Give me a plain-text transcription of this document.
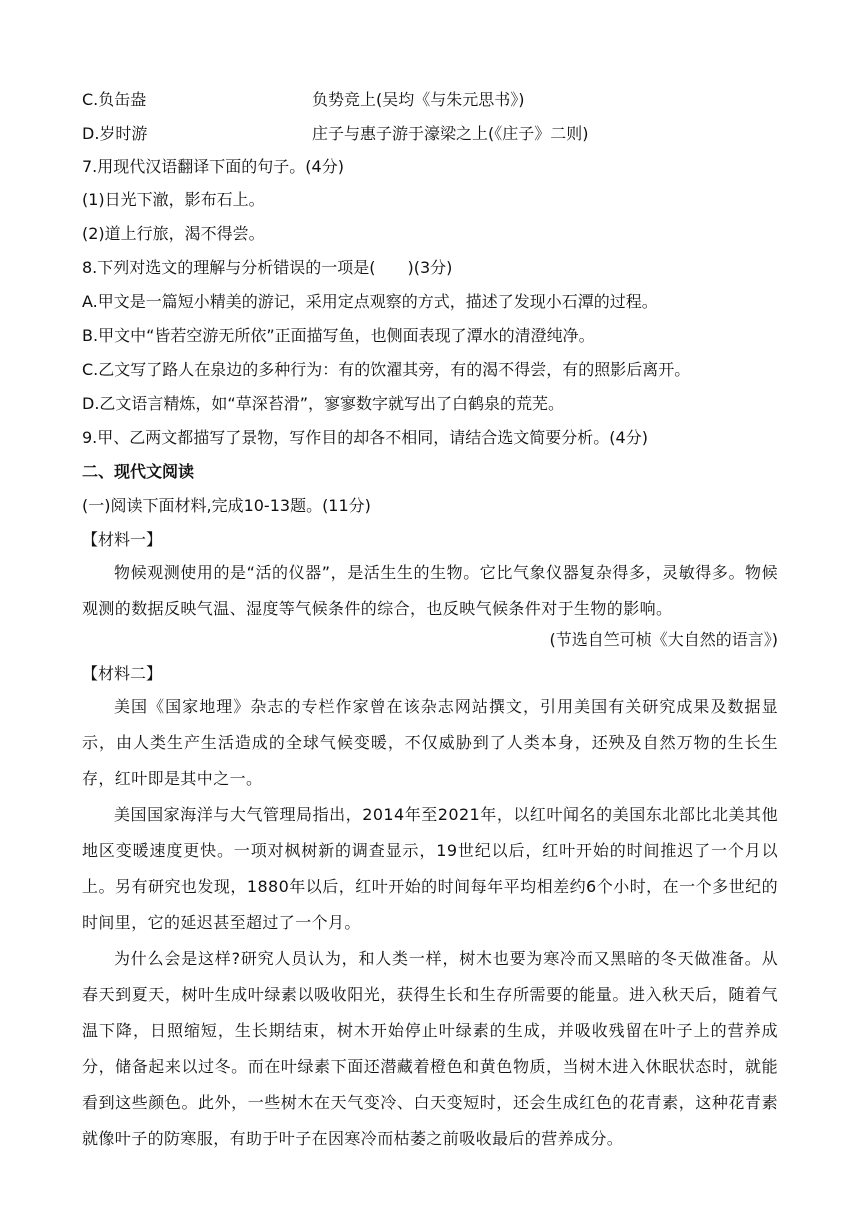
C.负缶盎	负势竞上(吴均《与朱元思书》)
D.岁时游	庄子与惠子游于濠梁之上(《庄子》二则)
7.用现代汉语翻译下面的句子。(4分)
(1)日光下澈，影布石上。
(2)道上行旅，渴不得尝。
8.下列对选文的理解与分析错误的一项是(　　)(3分)
A.甲文是一篇短小精美的游记，采用定点观察的方式，描述了发现小石潭的过程。
B.甲文中“皆若空游无所依”正面描写鱼，也侧面表现了潭水的清澄纯净。
C.乙文写了路人在泉边的多种行为：有的饮濯其旁，有的渴不得尝，有的照影后离开。
D.乙文语言精炼，如“草深苔滑”，寥寥数字就写出了白鹤泉的荒芜。
9.甲、乙两文都描写了景物，写作目的却各不相同，请结合选文简要分析。(4分)
二、现代文阅读
(一)阅读下面材料,完成10-13题。(11分)
【材料一】
物候观测使用的是“活的仪器”，是活生生的生物。它比气象仪器复杂得多，灵敏得多。物候观测的数据反映气温、湿度等气候条件的综合，也反映气候条件对于生物的影响。
(节选自竺可桢《大自然的语言》)
【材料二】
美国《国家地理》杂志的专栏作家曾在该杂志网站撰文，引用美国有关研究成果及数据显示，由人类生产生活造成的全球气候变暖，不仅威胁到了人类本身，还殃及自然万物的生长生存，红叶即是其中之一。
美国国家海洋与大气管理局指出，2014年至2021年，以红叶闻名的美国东北部比北美其他地区变暖速度更快。一项对枫树新的调查显示，19世纪以后，红叶开始的时间推迟了一个月以上。另有研究也发现，1880年以后，红叶开始的时间每年平均相差约6个小时，在一个多世纪的时间里，它的延迟甚至超过了一个月。
为什么会是这样?研究人员认为，和人类一样，树木也要为寒冷而又黑暗的冬天做准备。从春天到夏天，树叶生成叶绿素以吸收阳光，获得生长和生存所需要的能量。进入秋天后，随着气温下降，日照缩短，生长期结束，树木开始停止叶绿素的生成，并吸收残留在叶子上的营养成分，储备起来以过冬。而在叶绿素下面还潜藏着橙色和黄色物质，当树木进入休眠状态时，就能看到这些颜色。此外，一些树木在天气变冷、白天变短时，还会生成红色的花青素，这种花青素就像叶子的防寒服，有助于叶子在因寒冷而枯萎之前吸收最后的营养成分。
